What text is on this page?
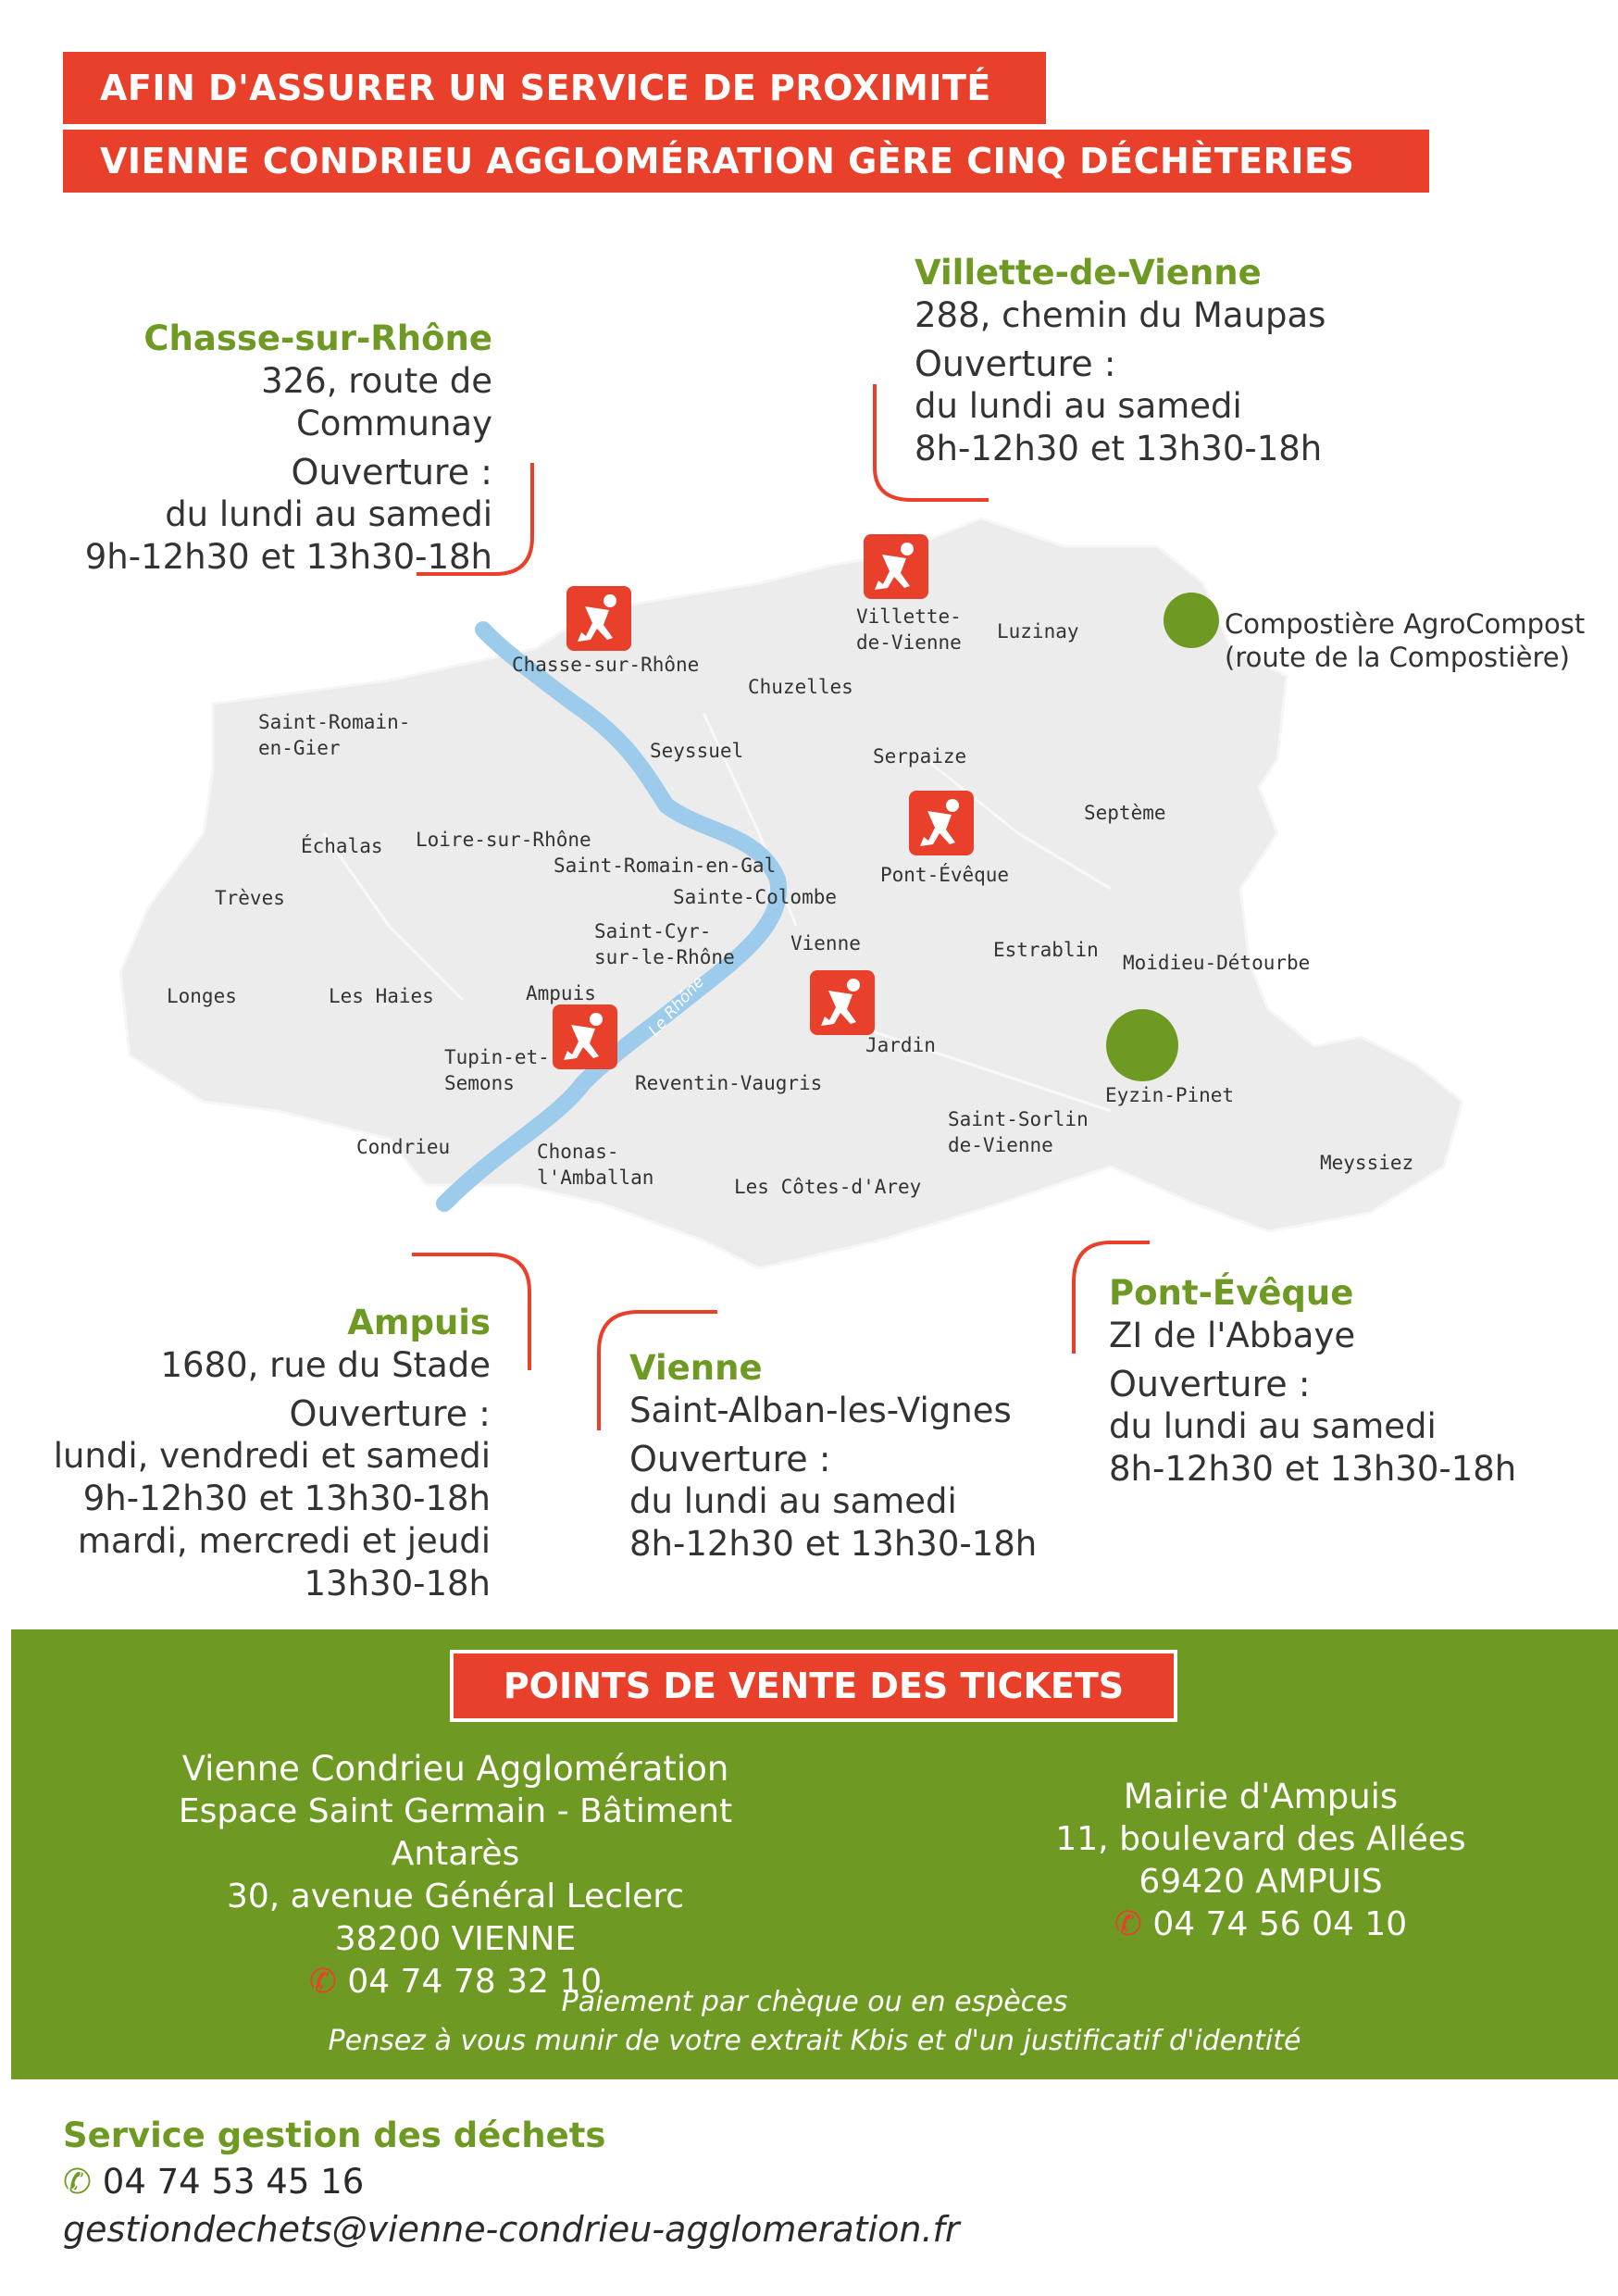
AFIN D'ASSURER UN SERVICE DE PROXIMITÉ
VIENNE CONDRIEU AGGLOMÉRATION GÈRE CINQ DÉCHÈTERIES
Le Rhône
Chasse-sur-Rhône
Villette-
de-Vienne Luzinay
Chuzelles
Saint-Romain-
en-Gier	Seyssuel	Serpaize
Septème
Échalas Loire-sur-Rhône
Saint-Romain-en-Gal	Pont-Évêque
Trèves	Sainte-Colombe
Saint-Cyr-
sur-le-Rhône
Vienne	Estrablin
Moidieu-Détourbe
Longes	Les Haies	Ampuis
Tupin-et-
Semons
Jardin
Reventin-Vaugris
Eyzin-Pinet
Saint-Sorlin
de-Vienne
Condrieu	Chonas-
l'Amballan	Les Côtes-d'Arey
Meyssiez
Compostière AgroCompost
(route de la Compostière)
Chasse-sur-Rhône
326, route de Communay
Ouverture :
du lundi au samedi
9h-12h30 et 13h30-18h
Villette-de-Vienne
288, chemin du Maupas
Ouverture :
du lundi au samedi
8h-12h30 et 13h30-18h
Ampuis
1680, rue du Stade
Ouverture :
lundi, vendredi et samedi
9h-12h30 et 13h30-18h
mardi, mercredi et jeudi
13h30-18h
Vienne
Saint-Alban-les-Vignes
Ouverture :
du lundi au samedi
8h-12h30 et 13h30-18h
Pont-Évêque
ZI de l'Abbaye
Ouverture :
du lundi au samedi
8h-12h30 et 13h30-18h
POINTS DE VENTE DES TICKETS
Vienne Condrieu Agglomération
Espace Saint Germain - Bâtiment Antarès
30, avenue Général Leclerc
38200 VIENNE
✆ 04 74 78 32 10
Mairie d'Ampuis
11, boulevard des Allées
69420 AMPUIS
✆ 04 74 56 04 10
Paiement par chèque ou en espèces
Pensez à vous munir de votre extrait Kbis et d'un justificatif d'identité
Service gestion des déchets
✆ 04 74 53 45 16
gestiondechets@vienne-condrieu-agglomeration.fr
